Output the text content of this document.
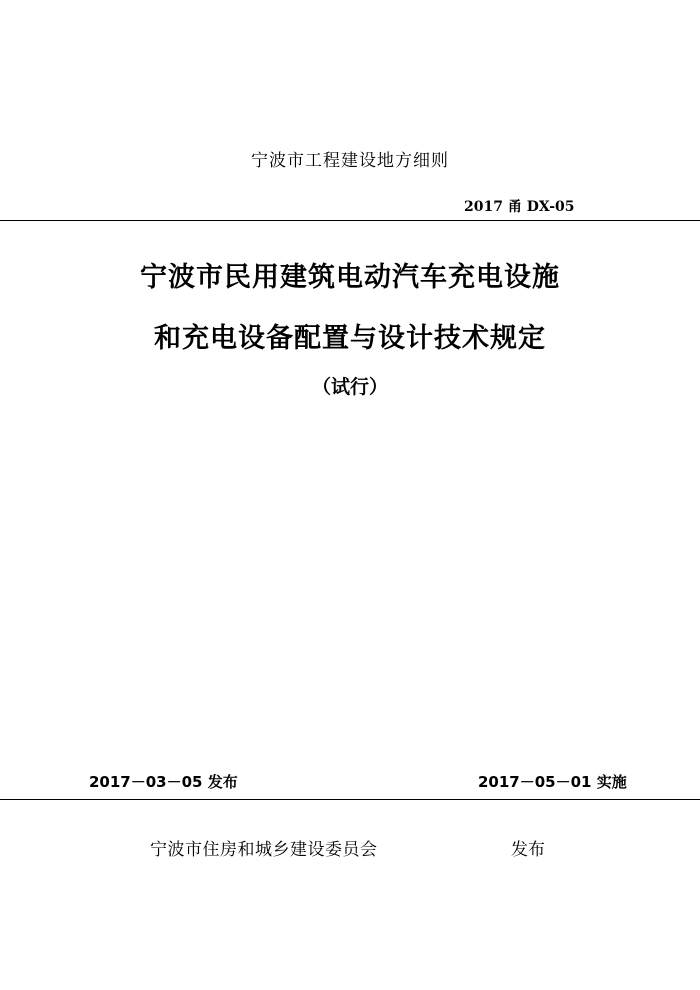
宁波市工程建设地方细则
2017 甬 DX-05
宁波市民用建筑电动汽车充电设施
和充电设备配置与设计技术规定
（试行）
2017－03－05 发布	2017－05－01 实施
宁波市住房和城乡建设委员会	发布
